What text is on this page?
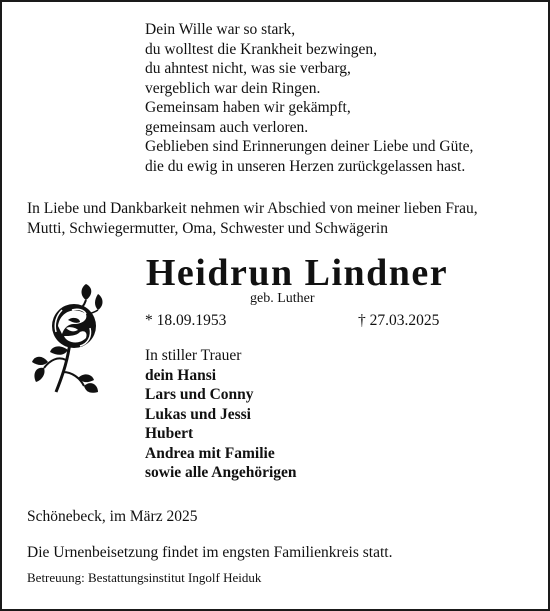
Dein Wille war so stark,
du wolltest die Krankheit bezwingen,
du ahntest nicht, was sie verbarg,
vergeblich war dein Ringen.
Gemeinsam haben wir gekämpft,
gemeinsam auch verloren.
Geblieben sind Erinnerungen deiner Liebe und Güte,
die du ewig in unseren Herzen zurückgelassen hast.
In Liebe und Dankbarkeit nehmen wir Abschied von meiner lieben Frau,
Mutti, Schwiegermutter, Oma, Schwester und Schwägerin
Heidrun Lindner
geb. Luther
* 18.09.1953	† 27.03.2025
In stiller Trauer
dein Hansi
Lars und Conny
Lukas und Jessi
Hubert
Andrea mit Familie
sowie alle Angehörigen
Schönebeck, im März 2025
Die Urnenbeisetzung findet im engsten Familienkreis statt.
Betreuung: Bestattungsinstitut Ingolf Heiduk
